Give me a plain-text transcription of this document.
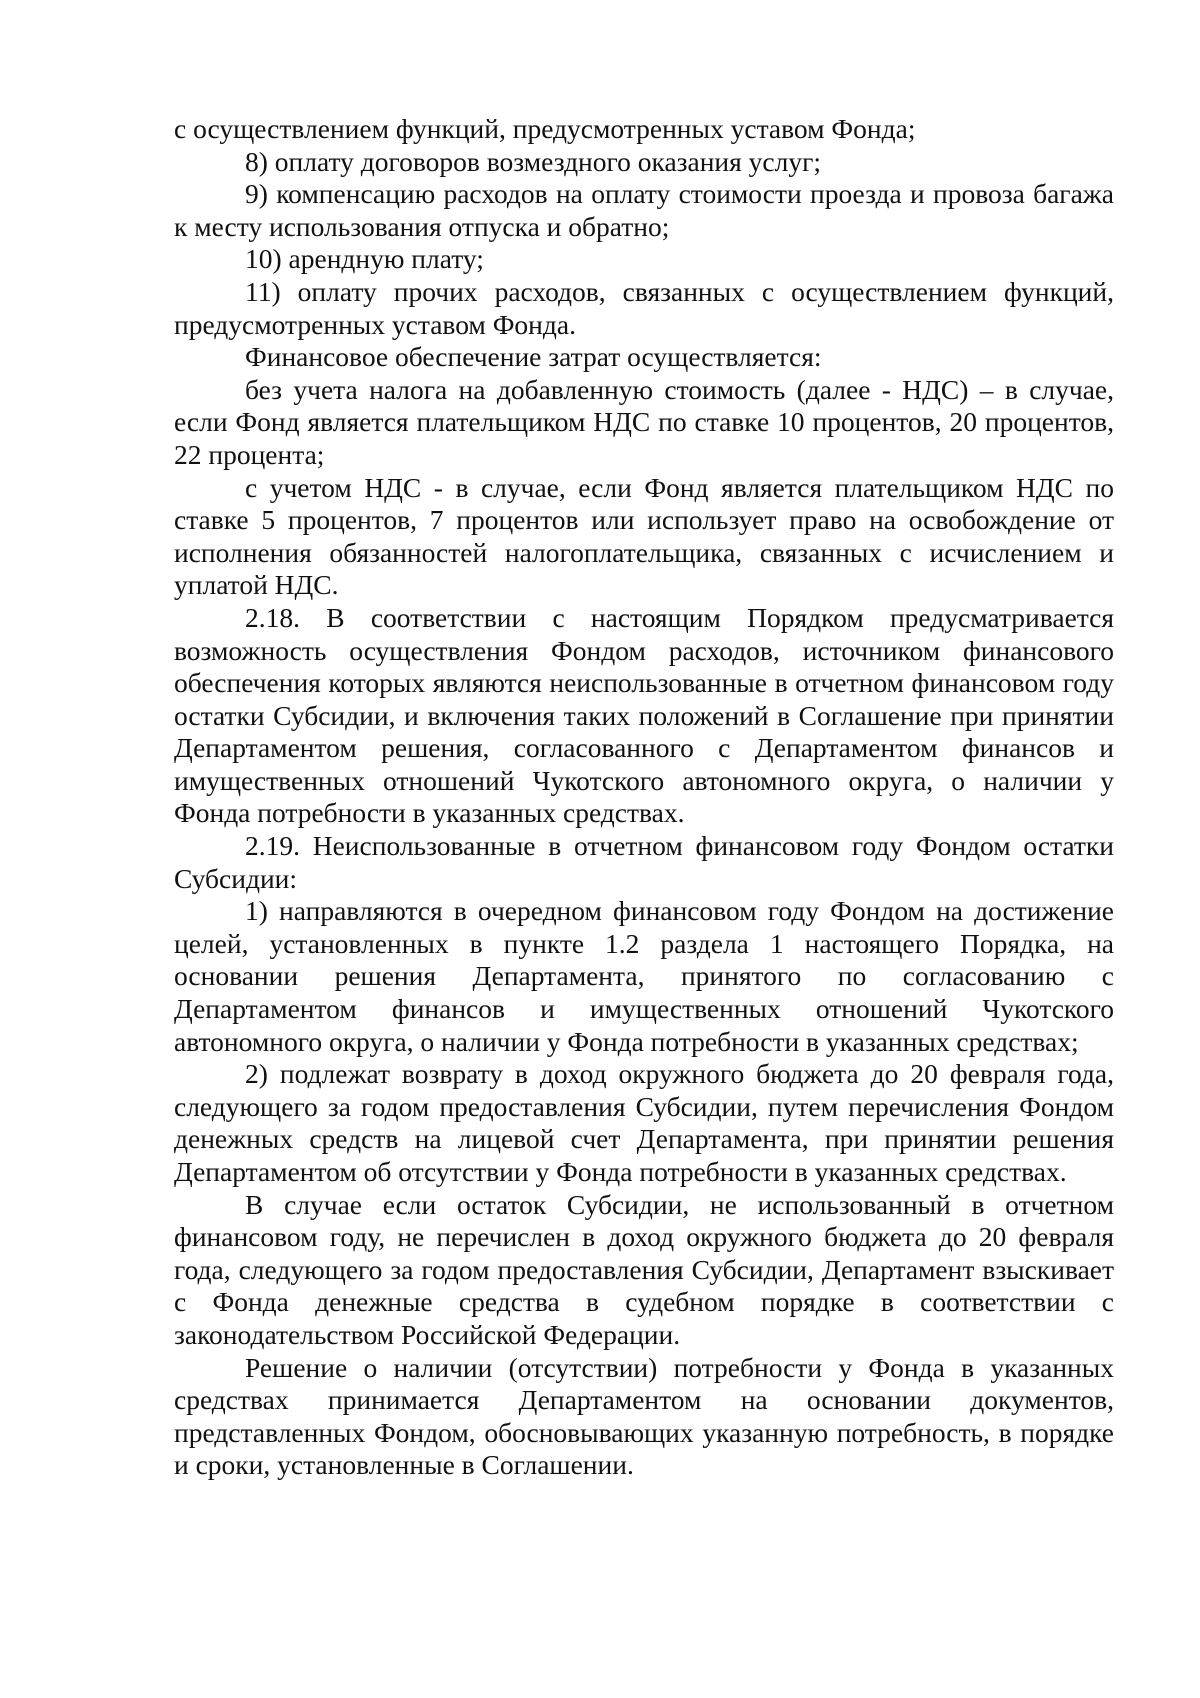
с осуществлением функций, предусмотренных уставом Фонда;

8) оплату договоров возмездного оказания услуг;

9) компенсацию расходов на оплату стоимости проезда и провоза багажа к месту использования отпуска и обратно;

10) арендную плату;

11) оплату прочих расходов, связанных с осуществлением функций, предусмотренных уставом Фонда.

Финансовое обеспечение затрат осуществляется:

без учета налога на добавленную стоимость (далее - НДС) – в случае, если Фонд является плательщиком НДС по ставке 10 процентов, 20 процентов, 22 процента;

с учетом НДС - в случае, если Фонд является плательщиком НДС по ставке 5 процентов, 7 процентов или использует право на освобождение от исполнения обязанностей налогоплательщика, связанных с исчислением и уплатой НДС.

2.18. В соответствии с настоящим Порядком предусматривается возможность осуществления Фондом расходов, источником финансового обеспечения которых являются неиспользованные в отчетном финансовом году остатки Субсидии, и включения таких положений в Соглашение при принятии Департаментом решения, согласованного с Департаментом финансов и имущественных отношений Чукотского автономного округа, о наличии у Фонда потребности в указанных средствах.

2.19. Неиспользованные в отчетном финансовом году Фондом остатки Субсидии:

1) направляются в очередном финансовом году Фондом на достижение целей, установленных в пункте 1.2 раздела 1 настоящего Порядка, на основании решения Департамента, принятого по согласованию с Департаментом финансов и имущественных отношений Чукотского автономного округа, о наличии у Фонда потребности в указанных средствах;

2) подлежат возврату в доход окружного бюджета до 20 февраля года, следующего за годом предоставления Субсидии, путем перечисления Фондом денежных средств на лицевой счет Департамента, при принятии решения Департаментом об отсутствии у Фонда потребности в указанных средствах.

В случае если остаток Субсидии, не использованный в отчетном финансовом году, не перечислен в доход окружного бюджета до 20 февраля года, следующего за годом предоставления Субсидии, Департамент взыскивает с Фонда денежные средства в судебном порядке в соответствии с законодательством Российской Федерации.

Решение о наличии (отсутствии) потребности у Фонда в указанных средствах принимается Департаментом на основании документов, представленных Фондом, обосновывающих указанную потребность, в порядке и сроки, установленные в Соглашении.
